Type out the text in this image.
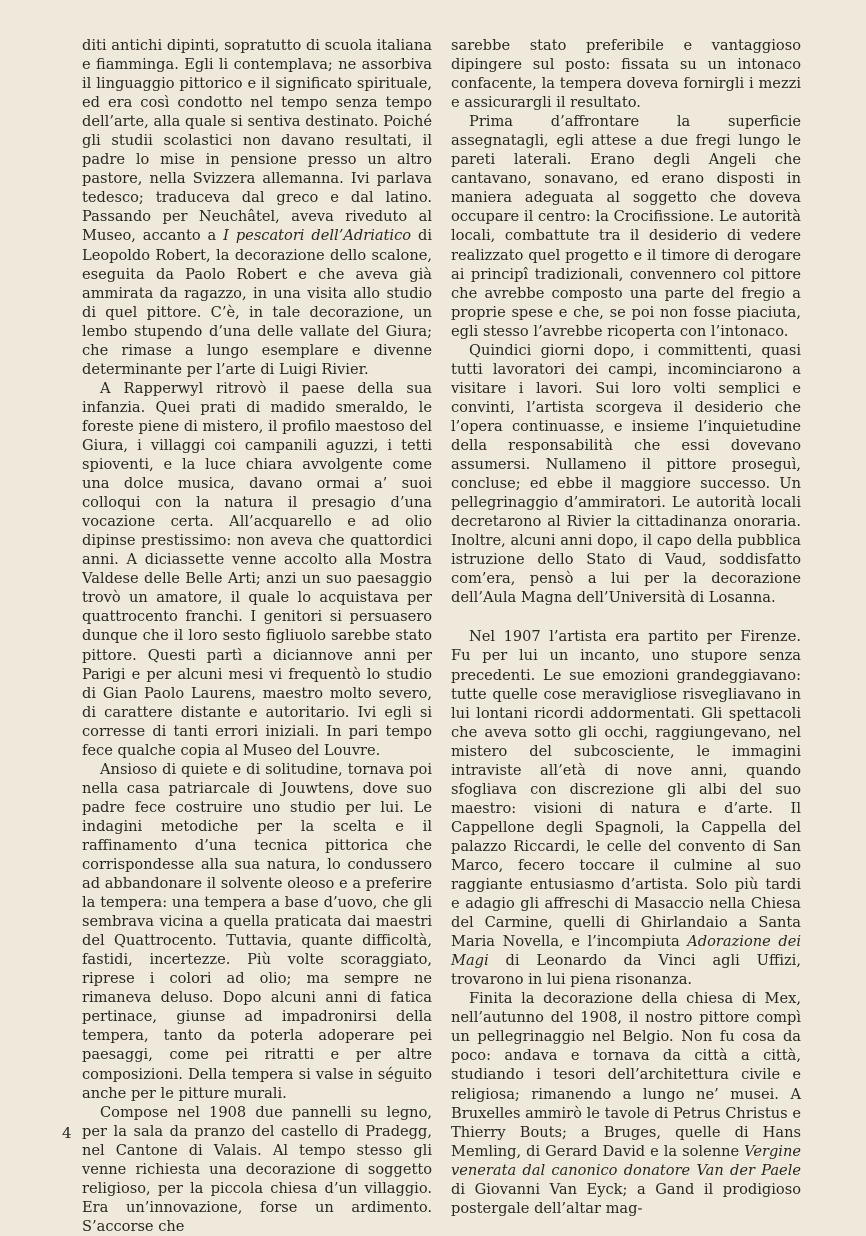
diti antichi dipinti, sopratutto di scuola italiana e fiamminga. Egli li contemplava; ne assorbiva il linguaggio pittorico e il significato spirituale, ed era così condotto nel tempo senza tempo dell’arte, alla quale si sentiva destinato. Poiché gli studii scolastici non davano resultati, il padre lo mise in pensione presso un altro pastore, nella Svizzera allemanna. Ivi parlava tedesco; traduceva dal greco e dal latino. Passando per Neuchâtel, aveva riveduto al Museo, accanto a I pescatori dell’Adriatico di Leopoldo Robert, la decorazione dello scalone, eseguita da Paolo Robert e che aveva già ammirata da ragazzo, in una visita allo studio di quel pittore. C’è, in tale decorazione, un lembo stupendo d’una delle vallate del Giura; che rimase a lungo esemplare e divenne determinante per l’arte di Luigi Rivier.

A Rapperwyl ritrovò il paese della sua infanzia. Quei prati di madido smeraldo, le foreste piene di mistero, il profilo maestoso del Giura, i villaggi coi campanili aguzzi, i tetti spioventi, e la luce chiara avvolgente come una dolce musica, davano ormai a’ suoi colloqui con la natura il presagio d’una vocazione certa. All’acquarello e ad olio dipinse prestissimo: non aveva che quattordici anni. A diciassette venne accolto alla Mostra Valdese delle Belle Arti; anzi un suo paesaggio trovò un amatore, il quale lo acquistava per quattrocento franchi. I genitori si persuasero dunque che il loro sesto figliuolo sarebbe stato pittore. Questi partì a diciannove anni per Parigi e per alcuni mesi vi frequentò lo studio di Gian Paolo Laurens, maestro molto severo, di carattere distante e autoritario. Ivi egli si corresse di tanti errori iniziali. In pari tempo fece qualche copia al Museo del Louvre.

Ansioso di quiete e di solitudine, tornava poi nella casa patriarcale di Jouwtens, dove suo padre fece costruire uno studio per lui. Le indagini metodiche per la scelta e il raffinamento d’una tecnica pittorica che corrispondesse alla sua natura, lo condussero ad abbandonare il solvente oleoso e a preferire la tempera: una tempera a base d’uovo, che gli sembrava vicina a quella praticata dai maestri del Quattrocento. Tuttavia, quante difficoltà, fastidi, incertezze. Più volte scoraggiato, riprese i colori ad olio; ma sempre ne rimaneva deluso. Dopo alcuni anni di fatica pertinace, giunse ad impadronirsi della tempera, tanto da poterla adoperare pei paesaggi, come pei ritratti e per altre composizioni. Della tempera si valse in séguito anche per le pitture murali.

Compose nel 1908 due pannelli su legno, per la sala da pranzo del castello di Pradegg, nel Cantone di Valais. Al tempo stesso gli venne richiesta una decorazione di soggetto religioso, per la piccola chiesa d’un villaggio. Era un’innovazione, forse un ardimento. S’accorse che

sarebbe stato preferibile e vantaggioso dipingere sul posto: fissata su un intonaco confacente, la tempera doveva fornirgli i mezzi e assicurargli il resultato.

Prima d’affrontare la superficie assegnatagli, egli attese a due fregi lungo le pareti laterali. Erano degli Angeli che cantavano, sonavano, ed erano disposti in maniera adeguata al soggetto che doveva occupare il centro: la Crocifissione. Le autorità locali, combattute tra il desiderio di vedere realizzato quel progetto e il timore di derogare ai principî tradizionali, convennero col pittore che avrebbe composto una parte del fregio a proprie spese e che, se poi non fosse piaciuta, egli stesso l’avrebbe ricoperta con l’intonaco.

Quindici giorni dopo, i committenti, quasi tutti lavoratori dei campi, incominciarono a visitare i lavori. Sui loro volti semplici e convinti, l’artista scorgeva il desiderio che l’opera continuasse, e insieme l’inquietudine della responsabilità che essi dovevano assumersi. Nullameno il pittore proseguì, concluse; ed ebbe il maggiore successo. Un pellegrinaggio d’ammiratori. Le autorità locali decretarono al Rivier la cittadinanza onoraria. Inoltre, alcuni anni dopo, il capo della pubblica istruzione dello Stato di Vaud, soddisfatto com’era, pensò a lui per la decorazione dell’Aula Magna dell’Università di Losanna.

Nel 1907 l’artista era partito per Firenze. Fu per lui un incanto, uno stupore senza precedenti. Le sue emozioni grandeggiavano: tutte quelle cose meravigliose risvegliavano in lui lontani ricordi addormentati. Gli spettacoli che aveva sotto gli occhi, raggiungevano, nel mistero del subcosciente, le immagini intraviste all’età di nove anni, quando sfogliava con discrezione gli albi del suo maestro: visioni di natura e d’arte. Il Cappellone degli Spagnoli, la Cappella del palazzo Riccardi, le celle del convento di San Marco, fecero toccare il culmine al suo raggiante entusiasmo d’artista. Solo più tardi e adagio gli affreschi di Masaccio nella Chiesa del Carmine, quelli di Ghirlandaio a Santa Maria Novella, e l’incompiuta Adorazione dei Magi di Leonardo da Vinci agli Uffizi, trovarono in lui piena risonanza.

Finita la decorazione della chiesa di Mex, nell’autunno del 1908, il nostro pittore compì un pellegrinaggio nel Belgio. Non fu cosa da poco: andava e tornava da città a città, studiando i tesori dell’architettura civile e religiosa; rimanendo a lungo ne’ musei. A Bruxelles ammirò le tavole di Petrus Christus e Thierry Bouts; a Bruges, quelle di Hans Memling, di Gerard David e la solenne Vergine venerata dal canonico donatore Van der Paele di Giovanni Van Eyck; a Gand il prodigioso postergale dell’altar mag-

4
